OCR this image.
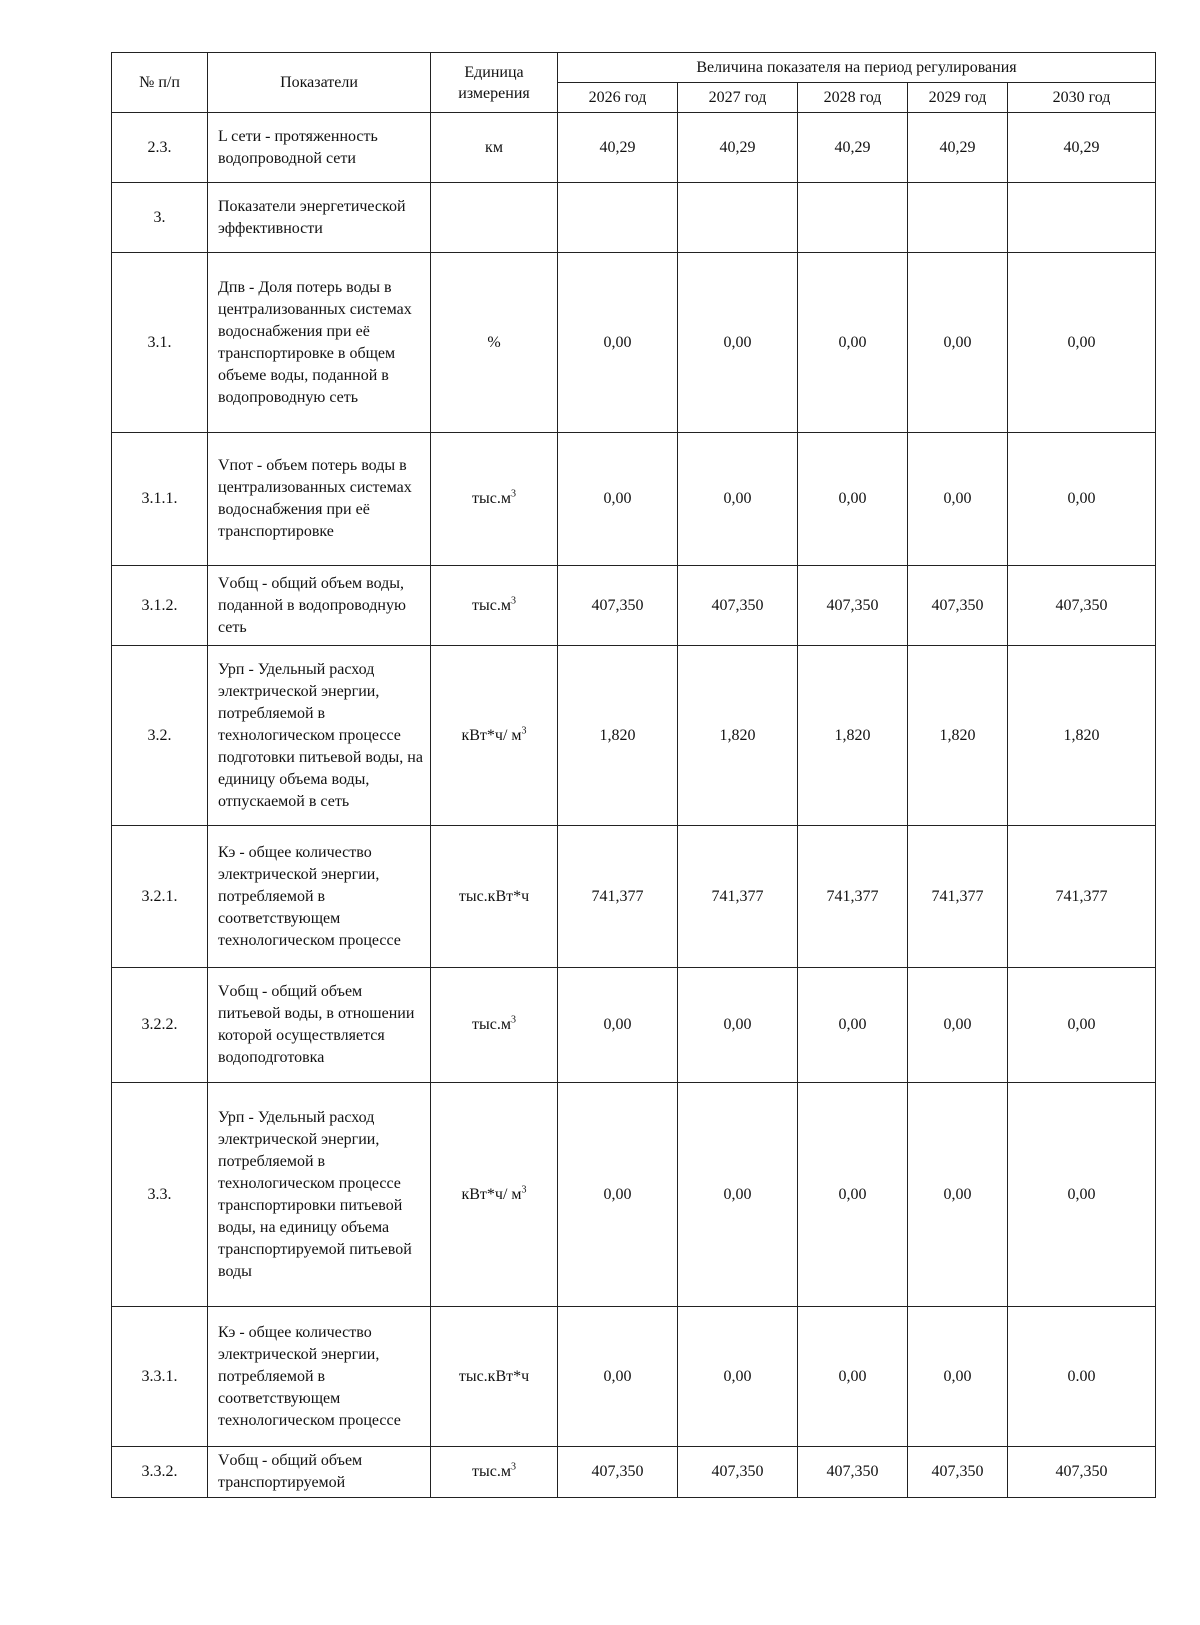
№ п/п	Показатели	Единица измерения	Величина показателя на период регулирования				
			2026 год	2027 год	2028 год	2029 год	2030 год
2.3.	L сети - протяженность водопроводной сети	км	40,29	40,29	40,29	40,29	40,29
3.	Показатели энергетической эффективности						
3.1.	Дпв - Доля потерь воды в централизованных системах водоснабжения при её транспортировке в общем объеме воды, поданной в водопроводную сеть	%	0,00	0,00	0,00	0,00	0,00
3.1.1.	Vпот - объем потерь воды в централизованных системах водоснабжения при её транспортировке	$тыс.м^3$	0,00	0,00	0,00	0,00	0,00
3.1.2.	Vобщ - общий объем воды, поданной в водопроводную сеть	$тыс.м^3$	407,350	407,350	407,350	407,350	407,350
3.2.	Урп - Удельный расход электрической энергии, потребляемой в технологическом процессе подготовки питьевой воды, на единицу объема воды, отпускаемой в сеть	кВт*ч/ $м^3$	1,820	1,820	1,820	1,820	1,820
3.2.1.	Кэ - общее количество электрической энергии, потребляемой в соответствующем технологическом процессе	тыс.кВт*ч	741,377	741,377	741,377	741,377	741,377
3.2.2.	Vобщ - общий объем питьевой воды, в отношении которой осуществляется водоподготовка	$тыс.м^3$	0,00	0,00	0,00	0,00	0,00
3.3.	Урп - Удельный расход электрической энергии, потребляемой в технологическом процессе транспортировки питьевой воды, на единицу объема транспортируемой питьевой воды	кВт*ч/ $м^3$	0,00	0,00	0,00	0,00	0,00
3.3.1.	Кэ - общее количество электрической энергии, потребляемой в соответствующем технологическом процессе	тыс.кВт*ч	0,00	0,00	0,00	0,00	0.00
3.3.2.	Vобщ - общий объем транспортируемой	$тыс.м^3$	407,350	407,350	407,350	407,350	407,350
